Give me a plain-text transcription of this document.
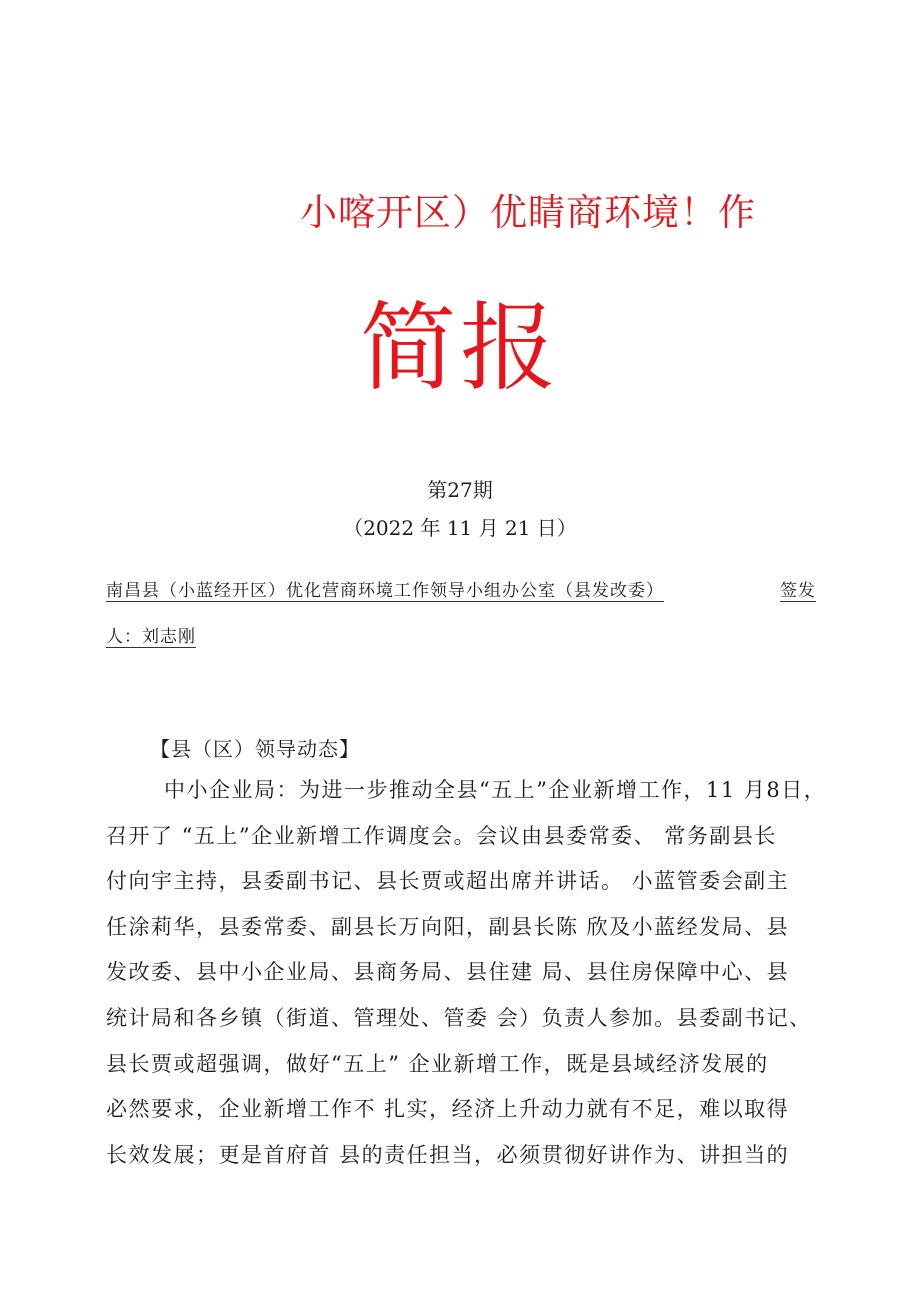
小喀开区）优睛商环境！作
简报
第27期
（2022 年 11 月 21 日）
南昌县（小蓝经开区）优化营商环境工作领导小组办公室（县发改委）	签发
人：刘志刚
【县（区）领导动态】
中小企业局：为进一步推动全县“五上”企业新增工作，11 月8日，
召开了 “五上”企业新增工作调度会。会议由县委常委、 常务副县长
付向宇主持，县委副书记、县长贾或超出席并讲话。 小蓝管委会副主
任涂莉华，县委常委、副县长万向阳，副县长陈 欣及小蓝经发局、县
发改委、县中小企业局、县商务局、县住建 局、县住房保障中心、县
统计局和各乡镇（街道、管理处、管委 会）负责人参加。县委副书记、
县长贾或超强调，做好“五上” 企业新增工作，既是县域经济发展的
必然要求，企业新增工作不 扎实，经济上升动力就有不足，难以取得
长效发展；更是首府首 县的责任担当，必须贯彻好讲作为、讲担当的
